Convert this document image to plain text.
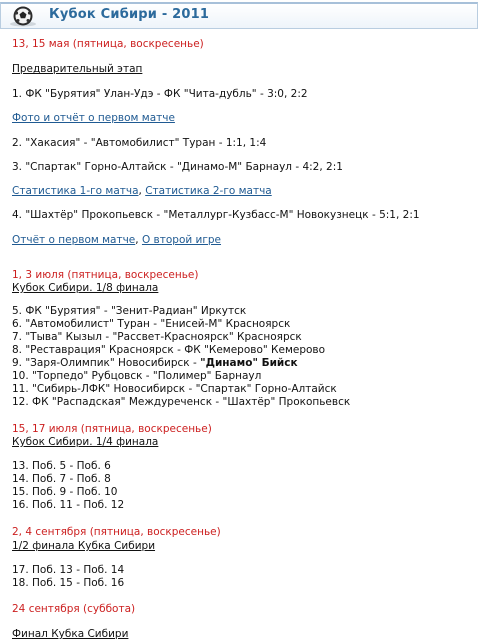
Кубок Сибири - 2011
13, 15 мая (пятница, воскресенье)
Предварительный этап
1. ФК "Бурятия" Улан-Удэ - ФК "Чита-дубль" - 3:0, 2:2
Фото и отчёт о первом матче
2. "Хакасия" - "Автомобилист" Туран - 1:1, 1:4
3. "Спартак" Горно-Алтайск - "Динамо-М" Барнаул - 4:2, 2:1
Статистика 1-го матча, Статистика 2-го матча
4. "Шахтёр" Прокопьевск - "Металлург-Кузбасс-М" Новокузнецк - 5:1, 2:1
Отчёт о первом матче, О второй игре
1, 3 июля (пятница, воскресенье)
Кубок Сибири. 1/8 финала
5. ФК "Бурятия" - "Зенит-Радиан" Иркутск
6. "Автомобилист" Туран - "Енисей-М" Красноярск
7. "Тыва" Кызыл - "Рассвет-Красноярск" Красноярск
8. "Реставрация" Красноярск - ФК "Кемерово" Кемерово
9. "Заря-Олимпик" Новосибирск - "Динамо" Бийск
10. "Торпедо" Рубцовск - "Полимер" Барнаул
11. "Сибирь-ЛФК" Новосибирск - "Спартак" Горно-Алтайск
12. ФК "Распадская" Междуреченск - "Шахтёр" Прокопьевск
15, 17 июля (пятница, воскресенье)
Кубок Сибири. 1/4 финала
13. Поб. 5 - Поб. 6
14. Поб. 7 - Поб. 8
15. Поб. 9 - Поб. 10
16. Поб. 11 - Поб. 12
2, 4 сентября (пятница, воскресенье)
1/2 финала Кубка Сибири
17. Поб. 13 - Поб. 14
18. Поб. 15 - Поб. 16
24 сентября (суббота)
Финал Кубка Сибири
